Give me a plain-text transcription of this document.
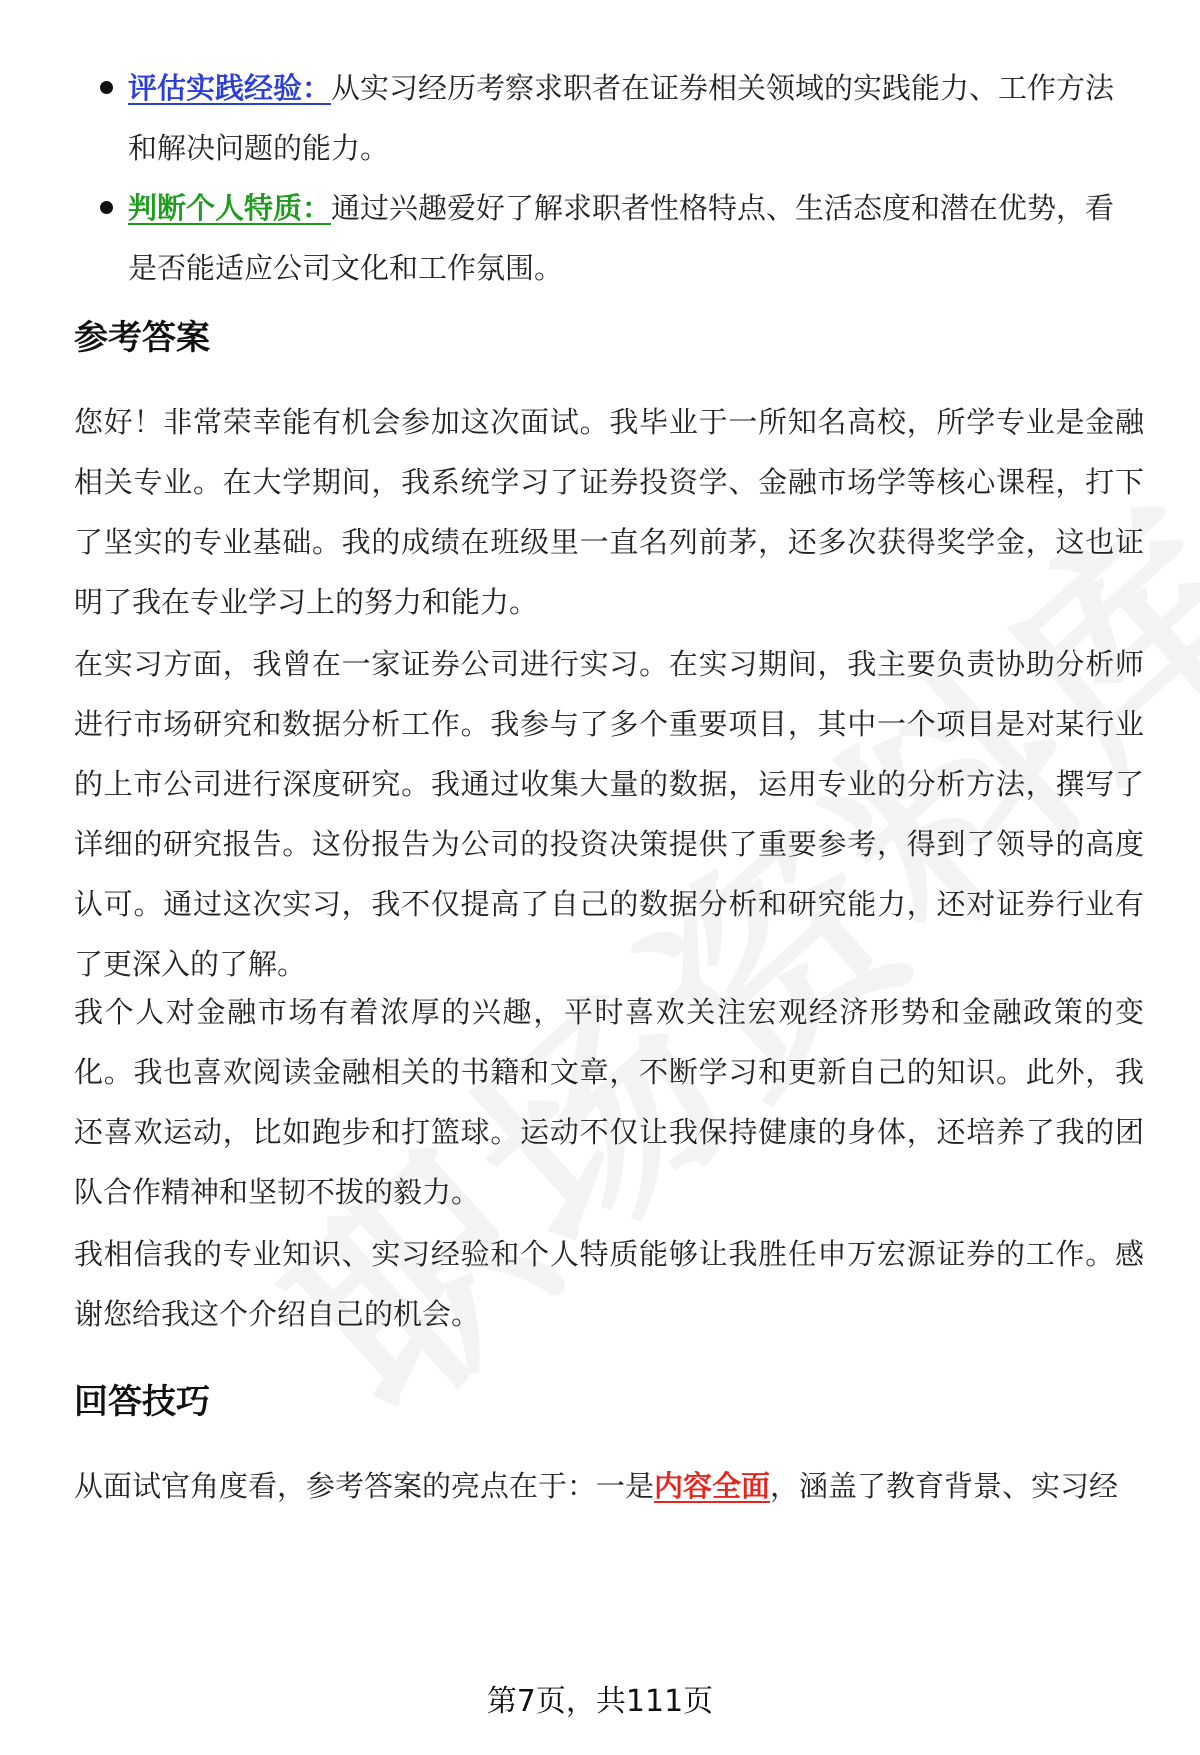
评估实践经验：从实习经历考察求职者在证券相关领域的实践能力、工作方法和解决问题的能力。
判断个人特质：通过兴趣爱好了解求职者性格特点、生活态度和潜在优势，看是否能适应公司文化和工作氛围。
参考答案

您好！非常荣幸能有机会参加这次面试。我毕业于一所知名高校，所学专业是金融相关专业。在大学期间，我系统学习了证券投资学、金融市场学等核心课程，打下了坚实的专业基础。我的成绩在班级里一直名列前茅，还多次获得奖学金，这也证明了我在专业学习上的努力和能力。

在实习方面，我曾在一家证券公司进行实习。在实习期间，我主要负责协助分析师进行市场研究和数据分析工作。我参与了多个重要项目，其中一个项目是对某行业的上市公司进行深度研究。我通过收集大量的数据，运用专业的分析方法，撰写了详细的研究报告。这份报告为公司的投资决策提供了重要参考，得到了领导的高度认可。通过这次实习，我不仅提高了自己的数据分析和研究能力，还对证券行业有了更深入的了解。

我个人对金融市场有着浓厚的兴趣，平时喜欢关注宏观经济形势和金融政策的变化。我也喜欢阅读金融相关的书籍和文章，不断学习和更新自己的知识。此外，我还喜欢运动，比如跑步和打篮球。运动不仅让我保持健康的身体，还培养了我的团队合作精神和坚韧不拔的毅力。

我相信我的专业知识、实习经验和个人特质能够让我胜任申万宏源证券的工作。感谢您给我这个介绍自己的机会。

回答技巧

从面试官角度看，参考答案的亮点在于：一是内容全面，涵盖了教育背景、实习经

第7页，共111页
